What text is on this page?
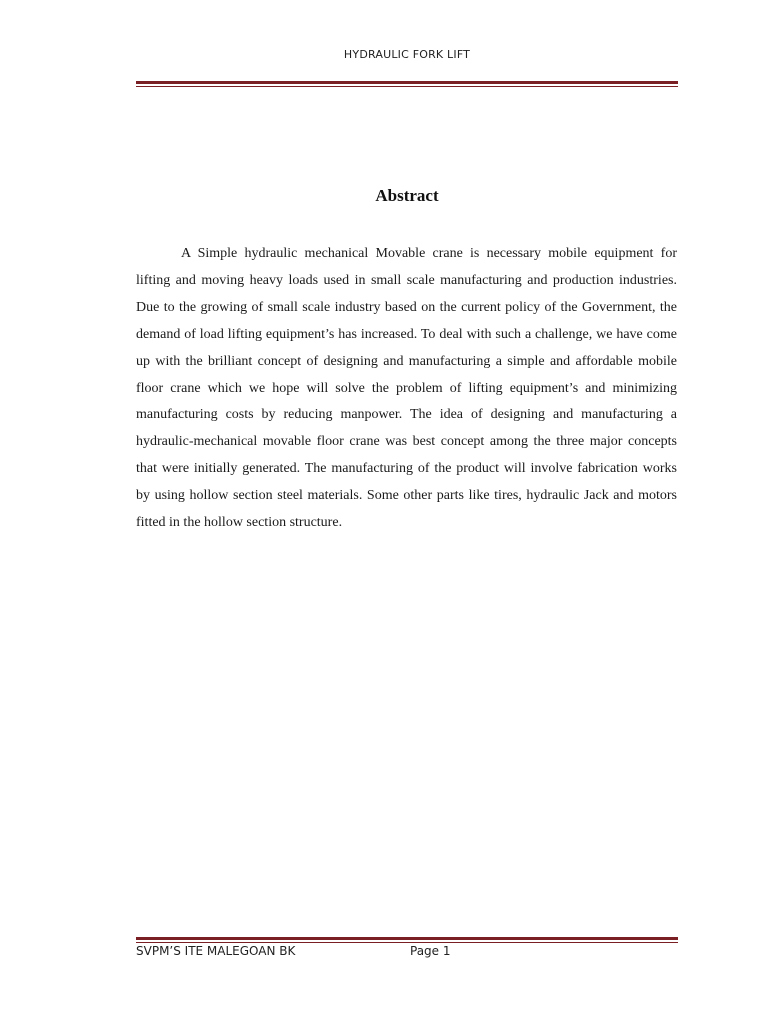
HYDRAULIC FORK LIFT
Abstract

A Simple hydraulic mechanical Movable crane is necessary mobile equipment for lifting and moving heavy loads used in small scale manufacturing and production industries. Due to the growing of small scale industry based on the current policy of the Government, the demand of load lifting equipment’s has increased. To deal with such a challenge, we have come up with the brilliant concept of designing and manufacturing a simple and affordable mobile floor crane which we hope will solve the problem of lifting equipment’s and minimizing manufacturing costs by reducing manpower. The idea of designing and manufacturing a hydraulic-mechanical movable floor crane was best concept among the three major concepts that were initially generated. The manufacturing of the product will involve fabrication works by using hollow section steel materials. Some other parts like tires, hydraulic Jack and motors fitted in the hollow section structure.

SVPM’S ITE MALEGOAN BK	Page 1
